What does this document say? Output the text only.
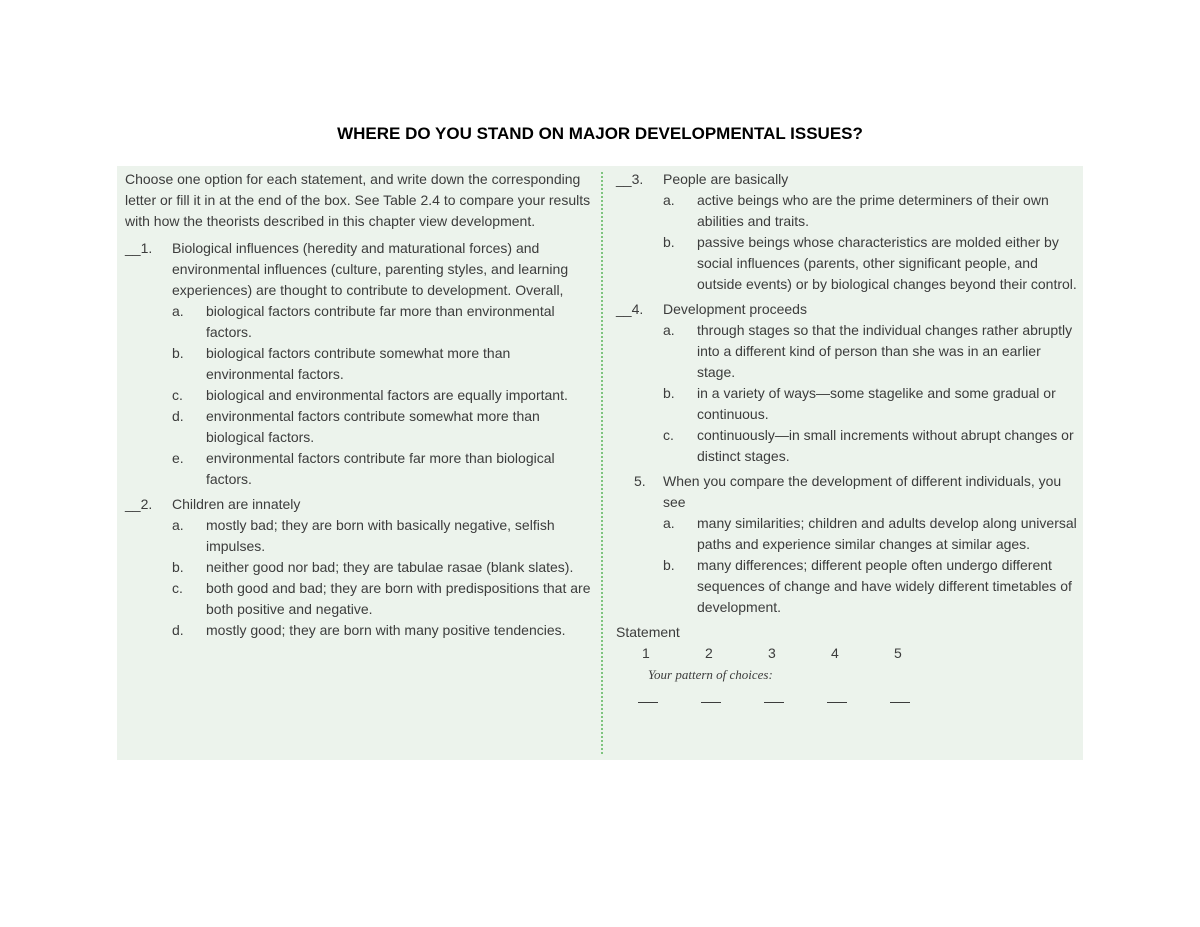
WHERE DO YOU STAND ON MAJOR DEVELOPMENTAL ISSUES?
Choose one option for each statement, and write down the corresponding letter or fill it in at the end of the box. See Table 2.4 to compare your results with how the theorists described in this chapter view development.
__1. Biological influences (heredity and maturational forces) and environmental influences (culture, parenting styles, and learning experiences) are thought to contribute to development. Overall,
a. biological factors contribute far more than environmental factors.
b. biological factors contribute somewhat more than environmental factors.
c. biological and environmental factors are equally important.
d. environmental factors contribute somewhat more than biological factors.
e. environmental factors contribute far more than biological factors.
__2. Children are innately
a. mostly bad; they are born with basically negative, selfish impulses.
b. neither good nor bad; they are tabulae rasae (blank slates).
c. both good and bad; they are born with predispositions that are both positive and negative.
d. mostly good; they are born with many positive tendencies.
__3. People are basically
a. active beings who are the prime determiners of their own abilities and traits.
b. passive beings whose characteristics are molded either by social influences (parents, other significant people, and outside events) or by biological changes beyond their control.
__4. Development proceeds
a. through stages so that the individual changes rather abruptly into a different kind of person than she was in an earlier stage.
b. in a variety of ways—some stagelike and some gradual or continuous.
c. continuously—in small increments without abrupt changes or distinct stages.
5. When you compare the development of different individuals, you see
a. many similarities; children and adults develop along universal paths and experience similar changes at similar ages.
b. many differences; different people often undergo different sequences of change and have widely different timetables of development.
Statement
1	2	3	4	5
Your pattern of choices:
